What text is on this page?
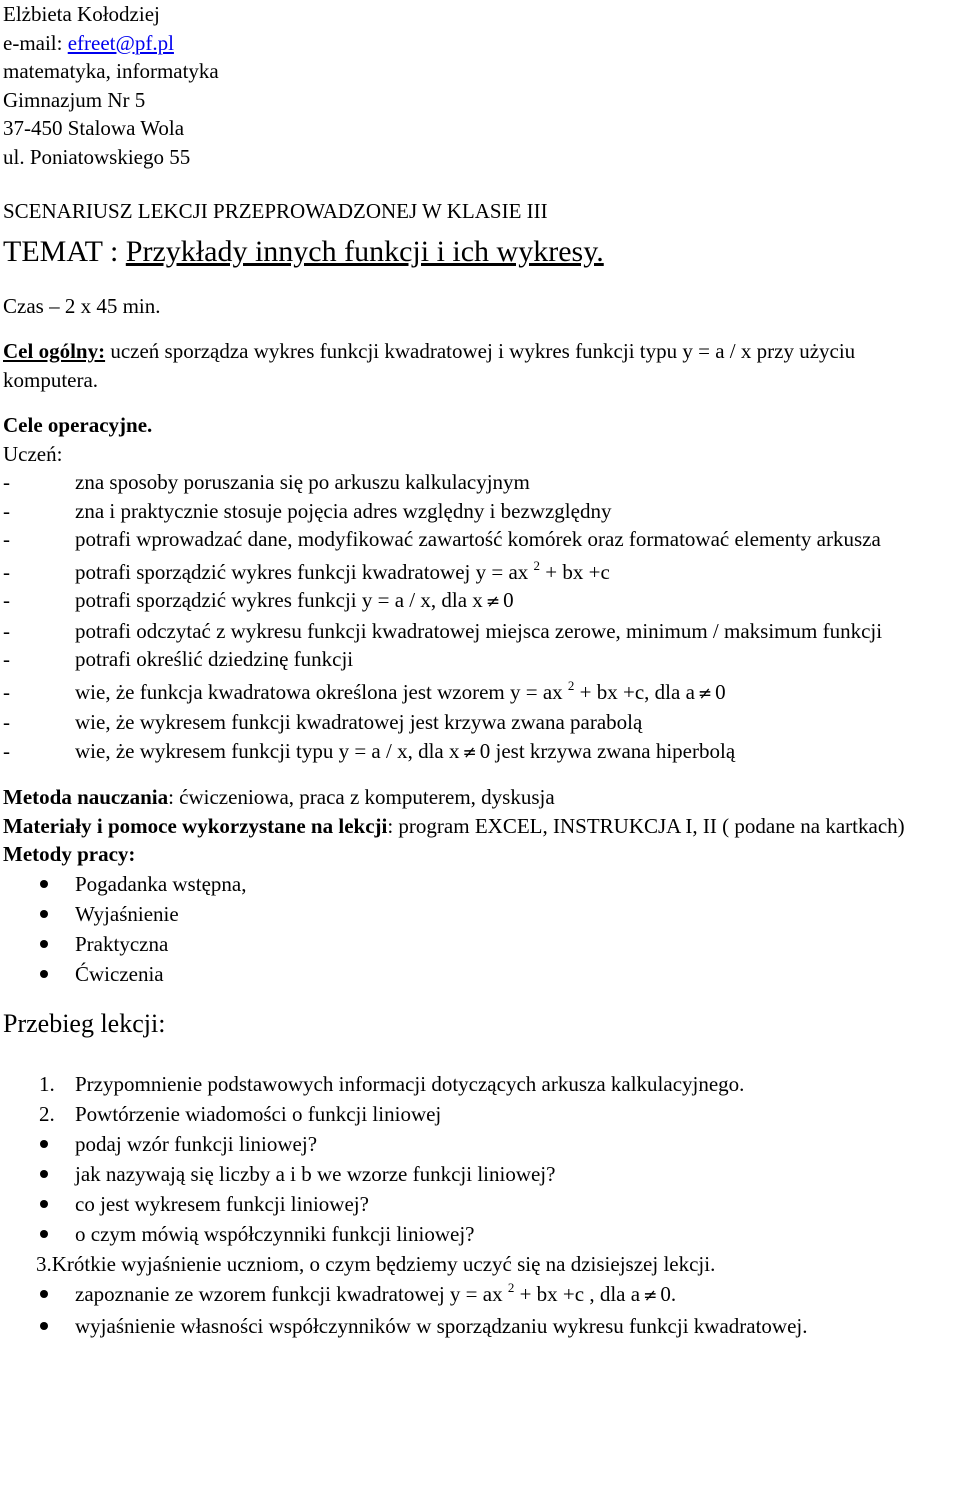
Elżbieta Kołodziej
e-mail: efreet@pf.pl
matematyka, informatyka
Gimnazjum Nr 5
37-450 Stalowa Wola
ul. Poniatowskiego 55
SCENARIUSZ LEKCJI PRZEPROWADZONEJ W KLASIE III
TEMAT : Przykłady innych funkcji i ich wykresy.
Czas – 2 x 45 min.
Cel ogólny: uczeń sporządza wykres funkcji kwadratowej i wykres funkcji typu y = a / x przy użyciu komputera.
Cele operacyjne.
Uczeń:
-	zna sposoby poruszania się po arkuszu kalkulacyjnym
-	zna i praktycznie stosuje pojęcia adres względny i bezwzględny
-	potrafi wprowadzać dane, modyfikować zawartość komórek oraz formatować elementy arkusza
-	potrafi sporządzić wykres funkcji kwadratowej y = ax $^2$ + bx +c
-	potrafi sporządzić wykres funkcji y = a / x, dla x ≠ 0
-	potrafi odczytać z wykresu funkcji kwadratowej miejsca zerowe, minimum / maksimum funkcji
-	potrafi określić dziedzinę funkcji
-	wie, że funkcja kwadratowa określona jest wzorem y = ax $^2$ + bx +c, dla a ≠ 0
-	wie, że wykresem funkcji kwadratowej jest krzywa zwana parabolą
-	wie, że wykresem funkcji typu y = a / x, dla x ≠ 0 jest krzywa zwana hiperbolą
Metoda nauczania: ćwiczeniowa, praca z komputerem, dyskusja
Materiały i pomoce wykorzystane na lekcji: program EXCEL, INSTRUKCJA I, II ( podane na kartkach)
Metody pracy:
Pogadanka wstępna,
Wyjaśnienie
Praktyczna
Ćwiczenia
Przebieg lekcji:
1. Przypomnienie podstawowych informacji dotyczących arkusza kalkulacyjnego.
2. Powtórzenie wiadomości o funkcji liniowej
podaj wzór funkcji liniowej?
jak nazywają się liczby a i b we wzorze funkcji liniowej?
co jest wykresem funkcji liniowej?
o czym mówią współczynniki funkcji liniowej?
3.Krótkie wyjaśnienie uczniom, o czym będziemy uczyć się na dzisiejszej lekcji.
zapoznanie ze wzorem funkcji kwadratowej y = ax $^2$ + bx +c , dla a ≠ 0.
wyjaśnienie własności współczynników w sporządzaniu wykresu funkcji kwadratowej.
